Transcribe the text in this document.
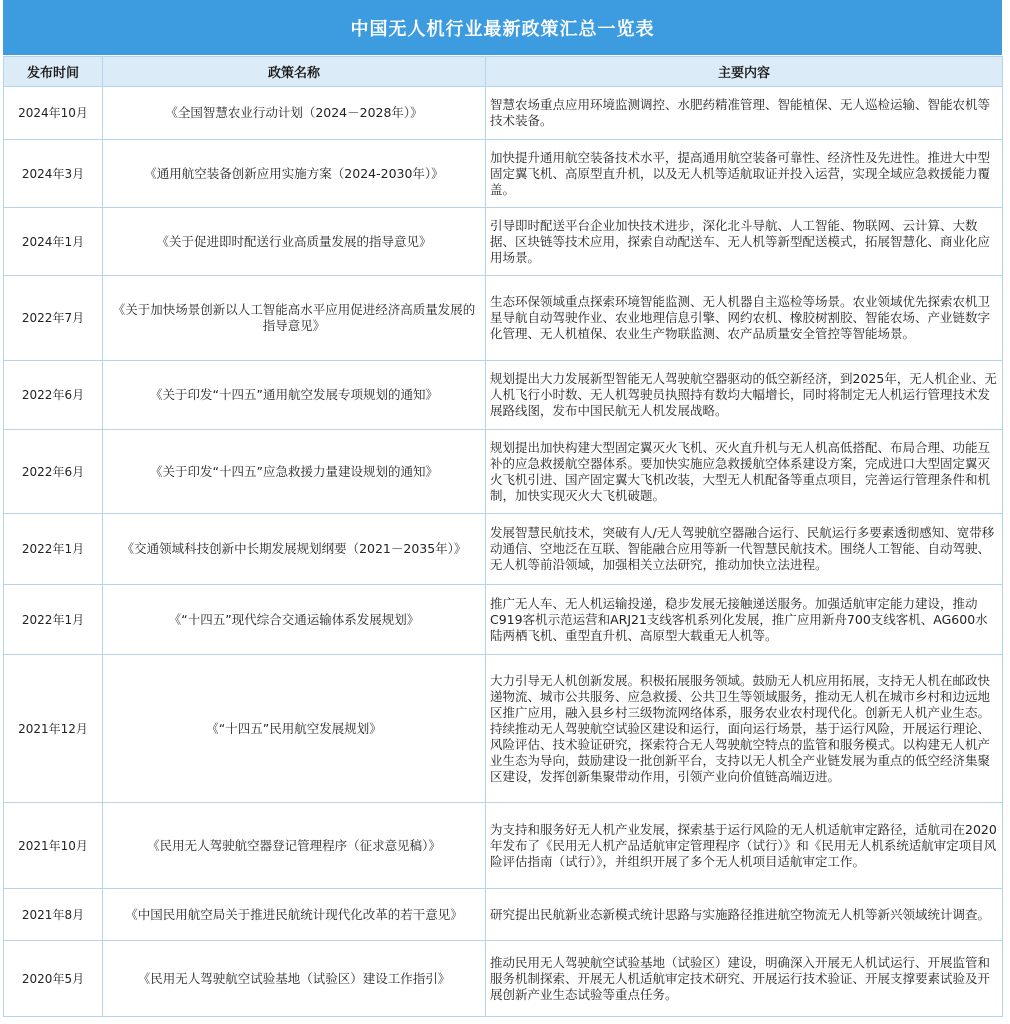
中国无人机行业最新政策汇总一览表
发布时间	政策名称	主要内容
2024年10月	《全国智慧农业行动计划（2024－2028年）》	智慧农场重点应用环境监测调控、水肥药精准管理、智能植保、无人巡检运输、智能农机等技术装备。
2024年3月	《通用航空装备创新应用实施方案（2024-2030年）》	加快提升通用航空装备技术水平，提高通用航空装备可靠性、经济性及先进性。推进大中型固定翼飞机、高原型直升机，以及无人机等适航取证并投入运营，实现全域应急救援能力覆盖。
2024年1月	《关于促进即时配送行业高质量发展的指导意见》	引导即时配送平台企业加快技术进步，深化北斗导航、人工智能、物联网、云计算、大数据、区块链等技术应用，探索自动配送车、无人机等新型配送模式，拓展智慧化、商业化应用场景。
2022年7月	《关于加快场景创新以人工智能高水平应用促进经济高质量发展的指导意见》	生态环保领域重点探索环境智能监测、无人机器自主巡检等场景。农业领域优先探索农机卫星导航自动驾驶作业、农业地理信息引擎、网约农机、橡胶树割胶、智能农场、产业链数字化管理、无人机植保、农业生产物联监测、农产品质量安全管控等智能场景。
2022年6月	《关于印发“十四五”通用航空发展专项规划的通知》	规划提出大力发展新型智能无人驾驶航空器驱动的低空新经济，到2025年，无人机企业、无人机飞行小时数、无人机驾驶员执照持有数均大幅增长，同时将制定无人机运行管理技术发展路线图，发布中国民航无人机发展战略。
2022年6月	《关于印发“十四五”应急救援力量建设规划的通知》	规划提出加快构建大型固定翼灭火飞机、灭火直升机与无人机高低搭配、布局合理、功能互补的应急救援航空器体系。要加快实施应急救援航空体系建设方案，完成进口大型固定翼灭火飞机引进、国产固定翼大飞机改装，大型无人机配备等重点项目，完善运行管理条件和机制，加快实现灭火大飞机破题。
2022年1月	《交通领域科技创新中长期发展规划纲要（2021－2035年）》	发展智慧民航技术，突破有人/无人驾驶航空器融合运行、民航运行多要素透彻感知、宽带移动通信、空地泛在互联、智能融合应用等新一代智慧民航技术。围绕人工智能、自动驾驶、无人机等前沿领域，加强相关立法研究，推动加快立法进程。
2022年1月	《“十四五”现代综合交通运输体系发展规划》	推广无人车、无人机运输投递，稳步发展无接触递送服务。加强适航审定能力建设，推动C919客机示范运营和ARJ21支线客机系列化发展，推广应用新舟700支线客机、AG600水陆两栖飞机、重型直升机、高原型大载重无人机等。
2021年12月	《“十四五”民用航空发展规划》	大力引导无人机创新发展。积极拓展服务领域。鼓励无人机应用拓展，支持无人机在邮政快递物流、城市公共服务、应急救援、公共卫生等领域服务，推动无人机在城市乡村和边远地区推广应用，融入县乡村三级物流网络体系，服务农业农村现代化。创新无人机产业生态。持续推动无人驾驶航空试验区建设和运行，面向运行场景，基于运行风险，开展运行理论、风险评估、技术验证研究，探索符合无人驾驶航空特点的监管和服务模式。以构建无人机产业生态为导向，鼓励建设一批创新平台，支持以无人机全产业链发展为重点的低空经济集聚区建设，发挥创新集聚带动作用，引领产业向价值链高端迈进。
2021年10月	《民用无人驾驶航空器登记管理程序（征求意见稿）》	为支持和服务好无人机产业发展，探索基于运行风险的无人机适航审定路径，适航司在2020年发布了《民用无人机产品适航审定管理程序（试行）》和《民用无人机系统适航审定项目风险评估指南（试行）》，并组织开展了多个无人机项目适航审定工作。
2021年8月	《中国民用航空局关于推进民航统计现代化改革的若干意见》	研究提出民航新业态新模式统计思路与实施路径推进航空物流无人机等新兴领域统计调查。
2020年5月	《民用无人驾驶航空试验基地（试验区）建设工作指引》	推动民用无人驾驶航空试验基地（试验区）建设，明确深入开展无人机试运行、开展监管和服务机制探索、开展无人机适航审定技术研究、开展运行技术验证、开展支撑要素试验及开展创新产业生态试验等重点任务。
